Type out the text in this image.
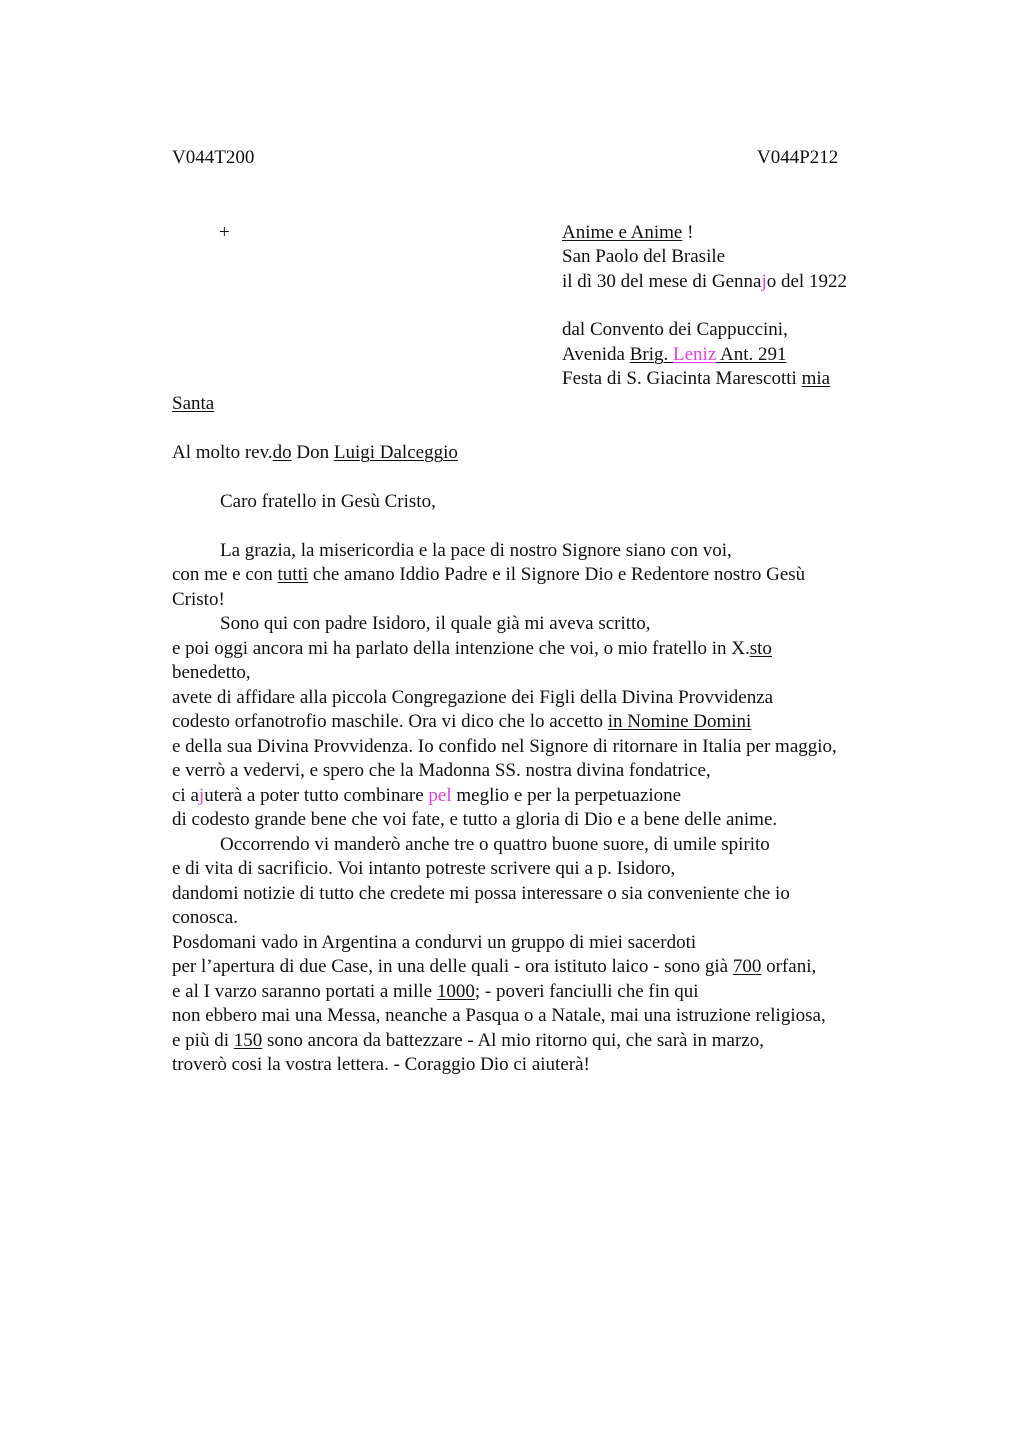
V044T200	V044P212
+	Anime e Anime !
San Paolo del Brasile
il dì 30 del mese di Gennajo del 1922
dal Convento dei Cappuccini,
Avenida Brig. Leniz Ant. 291
Festa di S. Giacinta Marescotti mia
Santa
Al molto rev.do Don Luigi Dalceggio
Caro fratello in Gesù Cristo,
La grazia, la misericordia e la pace di nostro Signore siano con voi,
con me e con tutti che amano Iddio Padre e il Signore Dio e Redentore nostro Gesù
Cristo!
Sono qui con padre Isidoro, il quale già mi aveva scritto,
e poi oggi ancora mi ha parlato della intenzione che voi, o mio fratello in X.sto
benedetto,
avete di affidare alla piccola Congregazione dei Figli della Divina Provvidenza
codesto orfanotrofio maschile. Ora vi dico che lo accetto in Nomine Domini
e della sua Divina Provvidenza. Io confido nel Signore di ritornare in Italia per maggio,
e verrò a vedervi, e spero che la Madonna SS. nostra divina fondatrice,
ci ajuterà a poter tutto combinare pel meglio e per la perpetuazione
di codesto grande bene che voi fate, e tutto a gloria di Dio e a bene delle anime.
Occorrendo vi manderò anche tre o quattro buone suore, di umile spirito
e di vita di sacrificio. Voi intanto potreste scrivere qui a p. Isidoro,
dandomi notizie di tutto che credete mi possa interessare o sia conveniente che io
conosca.
Posdomani vado in Argentina a condurvi un gruppo di miei sacerdoti
per l’apertura di due Case, in una delle quali - ora istituto laico - sono già 700 orfani,
e al I varzo saranno portati a mille 1000; - poveri fanciulli che fin qui
non ebbero mai una Messa, neanche a Pasqua o a Natale, mai una istruzione religiosa,
e più di 150 sono ancora da battezzare - Al mio ritorno qui, che sarà in marzo,
troverò cosi la vostra lettera. - Coraggio Dio ci aiuterà!
